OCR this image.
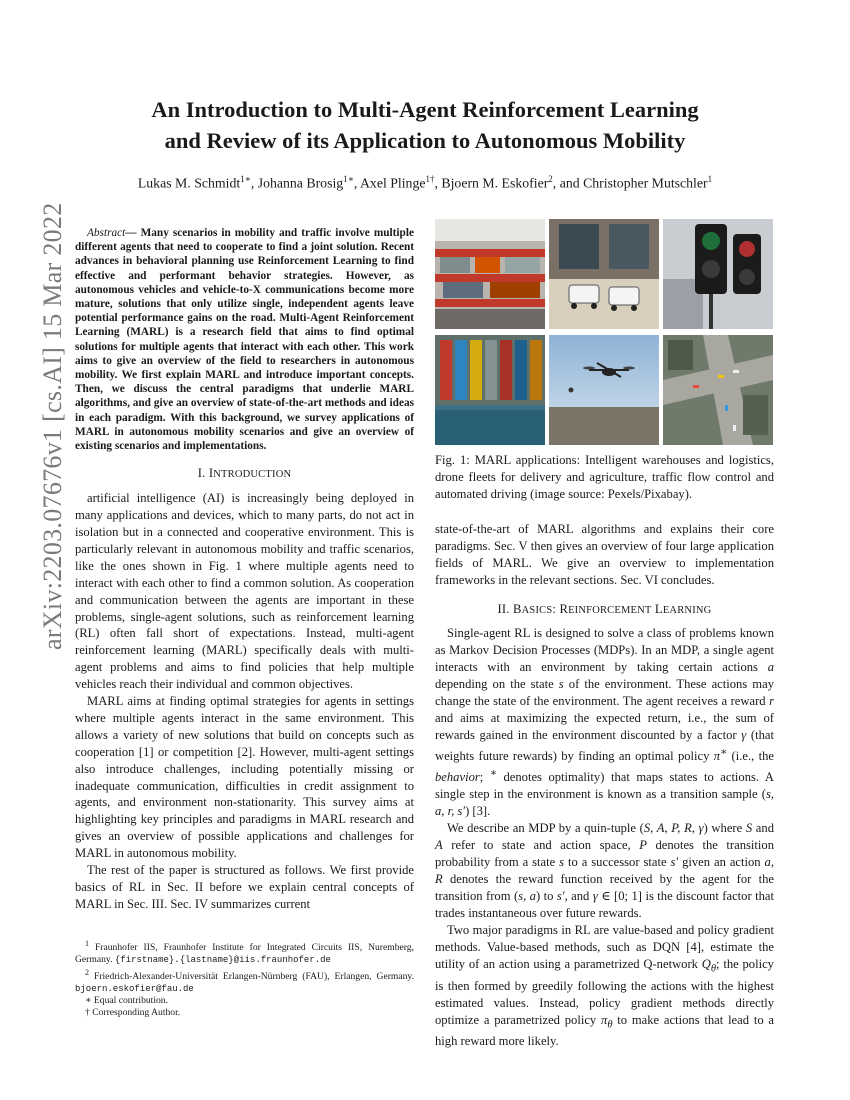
arXiv:2203.07676v1 [cs.AI] 15 Mar 2022
An Introduction to Multi-Agent Reinforcement Learning
and Review of its Application to Autonomous Mobility
Lukas M. Schmidt$^{1∗}$, Johanna Brosig$^{1∗}$, Axel Plinge$^{1\dagger}$, Bjoern M. Eskofier$^2$, and Christopher Mutschler$^1$

Abstract— Many scenarios in mobility and traffic involve multiple different agents that need to cooperate to find a joint solution. Recent advances in behavioral planning use Reinforcement Learning to find effective and performant behavior strategies. However, as autonomous vehicles and vehicle-to-X communications become more mature, solutions that only utilize single, independent agents leave potential performance gains on the road. Multi-Agent Reinforcement Learning (MARL) is a research field that aims to find optimal solutions for multiple agents that interact with each other. This work aims to give an overview of the field to researchers in autonomous mobility. We first explain MARL and introduce important concepts. Then, we discuss the central paradigms that underlie MARL algorithms, and give an overview of state-of-the-art methods and ideas in each paradigm. With this background, we survey applications of MARL in autonomous mobility scenarios and give an overview of existing scenarios and implementations.

I. INTRODUCTION

artificial intelligence (AI) is increasingly being deployed in many applications and devices, which to many parts, do not act in isolation but in a connected and cooperative environment. This is particularly relevant in autonomous mobility and traffic scenarios, like the ones shown in Fig. 1 where multiple agents need to interact with each other to find a common solution. As cooperation and communication between the agents are important in these problems, single-agent solutions, such as reinforcement learning (RL) often fall short of expectations. Instead, multi-agent reinforcement learning (MARL) specifically deals with multi-agent problems and aims to find policies that help multiple vehicles reach their individual and common objectives.

MARL aims at finding optimal strategies for agents in settings where multiple agents interact in the same environment. This allows a variety of new solutions that build on concepts such as cooperation [1] or competition [2]. However, multi-agent settings also introduce challenges, including potentially missing or inadequate communication, difficulties in credit assignment to agents, and environment non-stationarity. This survey aims at highlighting key principles and paradigms in MARL research and gives an overview of possible applications and challenges for MARL in autonomous mobility.

The rest of the paper is structured as follows. We first provide basics of RL in Sec. II before we explain central concepts of MARL in Sec. III. Sec. IV summarizes current

$^1$ Fraunhofer IIS, Fraunhofer Institute for Integrated Circuits IIS, Nuremberg, Germany. {firstname}.{lastname}@iis.fraunhofer.de

$^2$ Friedrich-Alexander-Universität Erlangen-Nürnberg (FAU), Erlangen, Germany. bjoern.eskofier@fau.de

∗ Equal contribution.

† Corresponding Author.

Fig. 1: MARL applications: Intelligent warehouses and logistics, drone fleets for delivery and agriculture, traffic flow control and automated driving (image source: Pexels/Pixabay).

state-of-the-art of MARL algorithms and explains their core paradigms. Sec. V then gives an overview of four large application fields of MARL. We give an overview to implementation frameworks in the relevant sections. Sec. VI concludes.

II. BASICS: REINFORCEMENT LEARNING

Single-agent RL is designed to solve a class of problems known as Markov Decision Processes (MDPs). In an MDP, a single agent interacts with an environment by taking certain actions a depending on the state s of the environment. These actions may change the state of the environment. The agent receives a reward r and aims at maximizing the expected return, i.e., the sum of rewards gained in the environment discounted by a factor γ (that weights future rewards) by finding an optimal policy π∗ (i.e., the behavior; ∗ denotes optimality) that maps states to actions. A single step in the environment is known as a transition sample (s, a, r, s′) [3].

We describe an MDP by a quin-tuple (S, A, P, R, γ) where S and A refer to state and action space, P denotes the transition probability from a state s to a successor state s′ given an action a, R denotes the reward function received by the agent for the transition from (s, a) to s′, and γ ∈ [0; 1] is the discount factor that trades instantaneous over future rewards.

Two major paradigms in RL are value-based and policy gradient methods. Value-based methods, such as DQN [4], estimate the utility of an action using a parametrized Q-network $Q_\theta$; the policy is then formed by greedily following the actions with the highest estimated values. Instead, policy gradient methods directly optimize a parametrized policy $\pi_\theta$ to make actions that lead to a high reward more likely.
